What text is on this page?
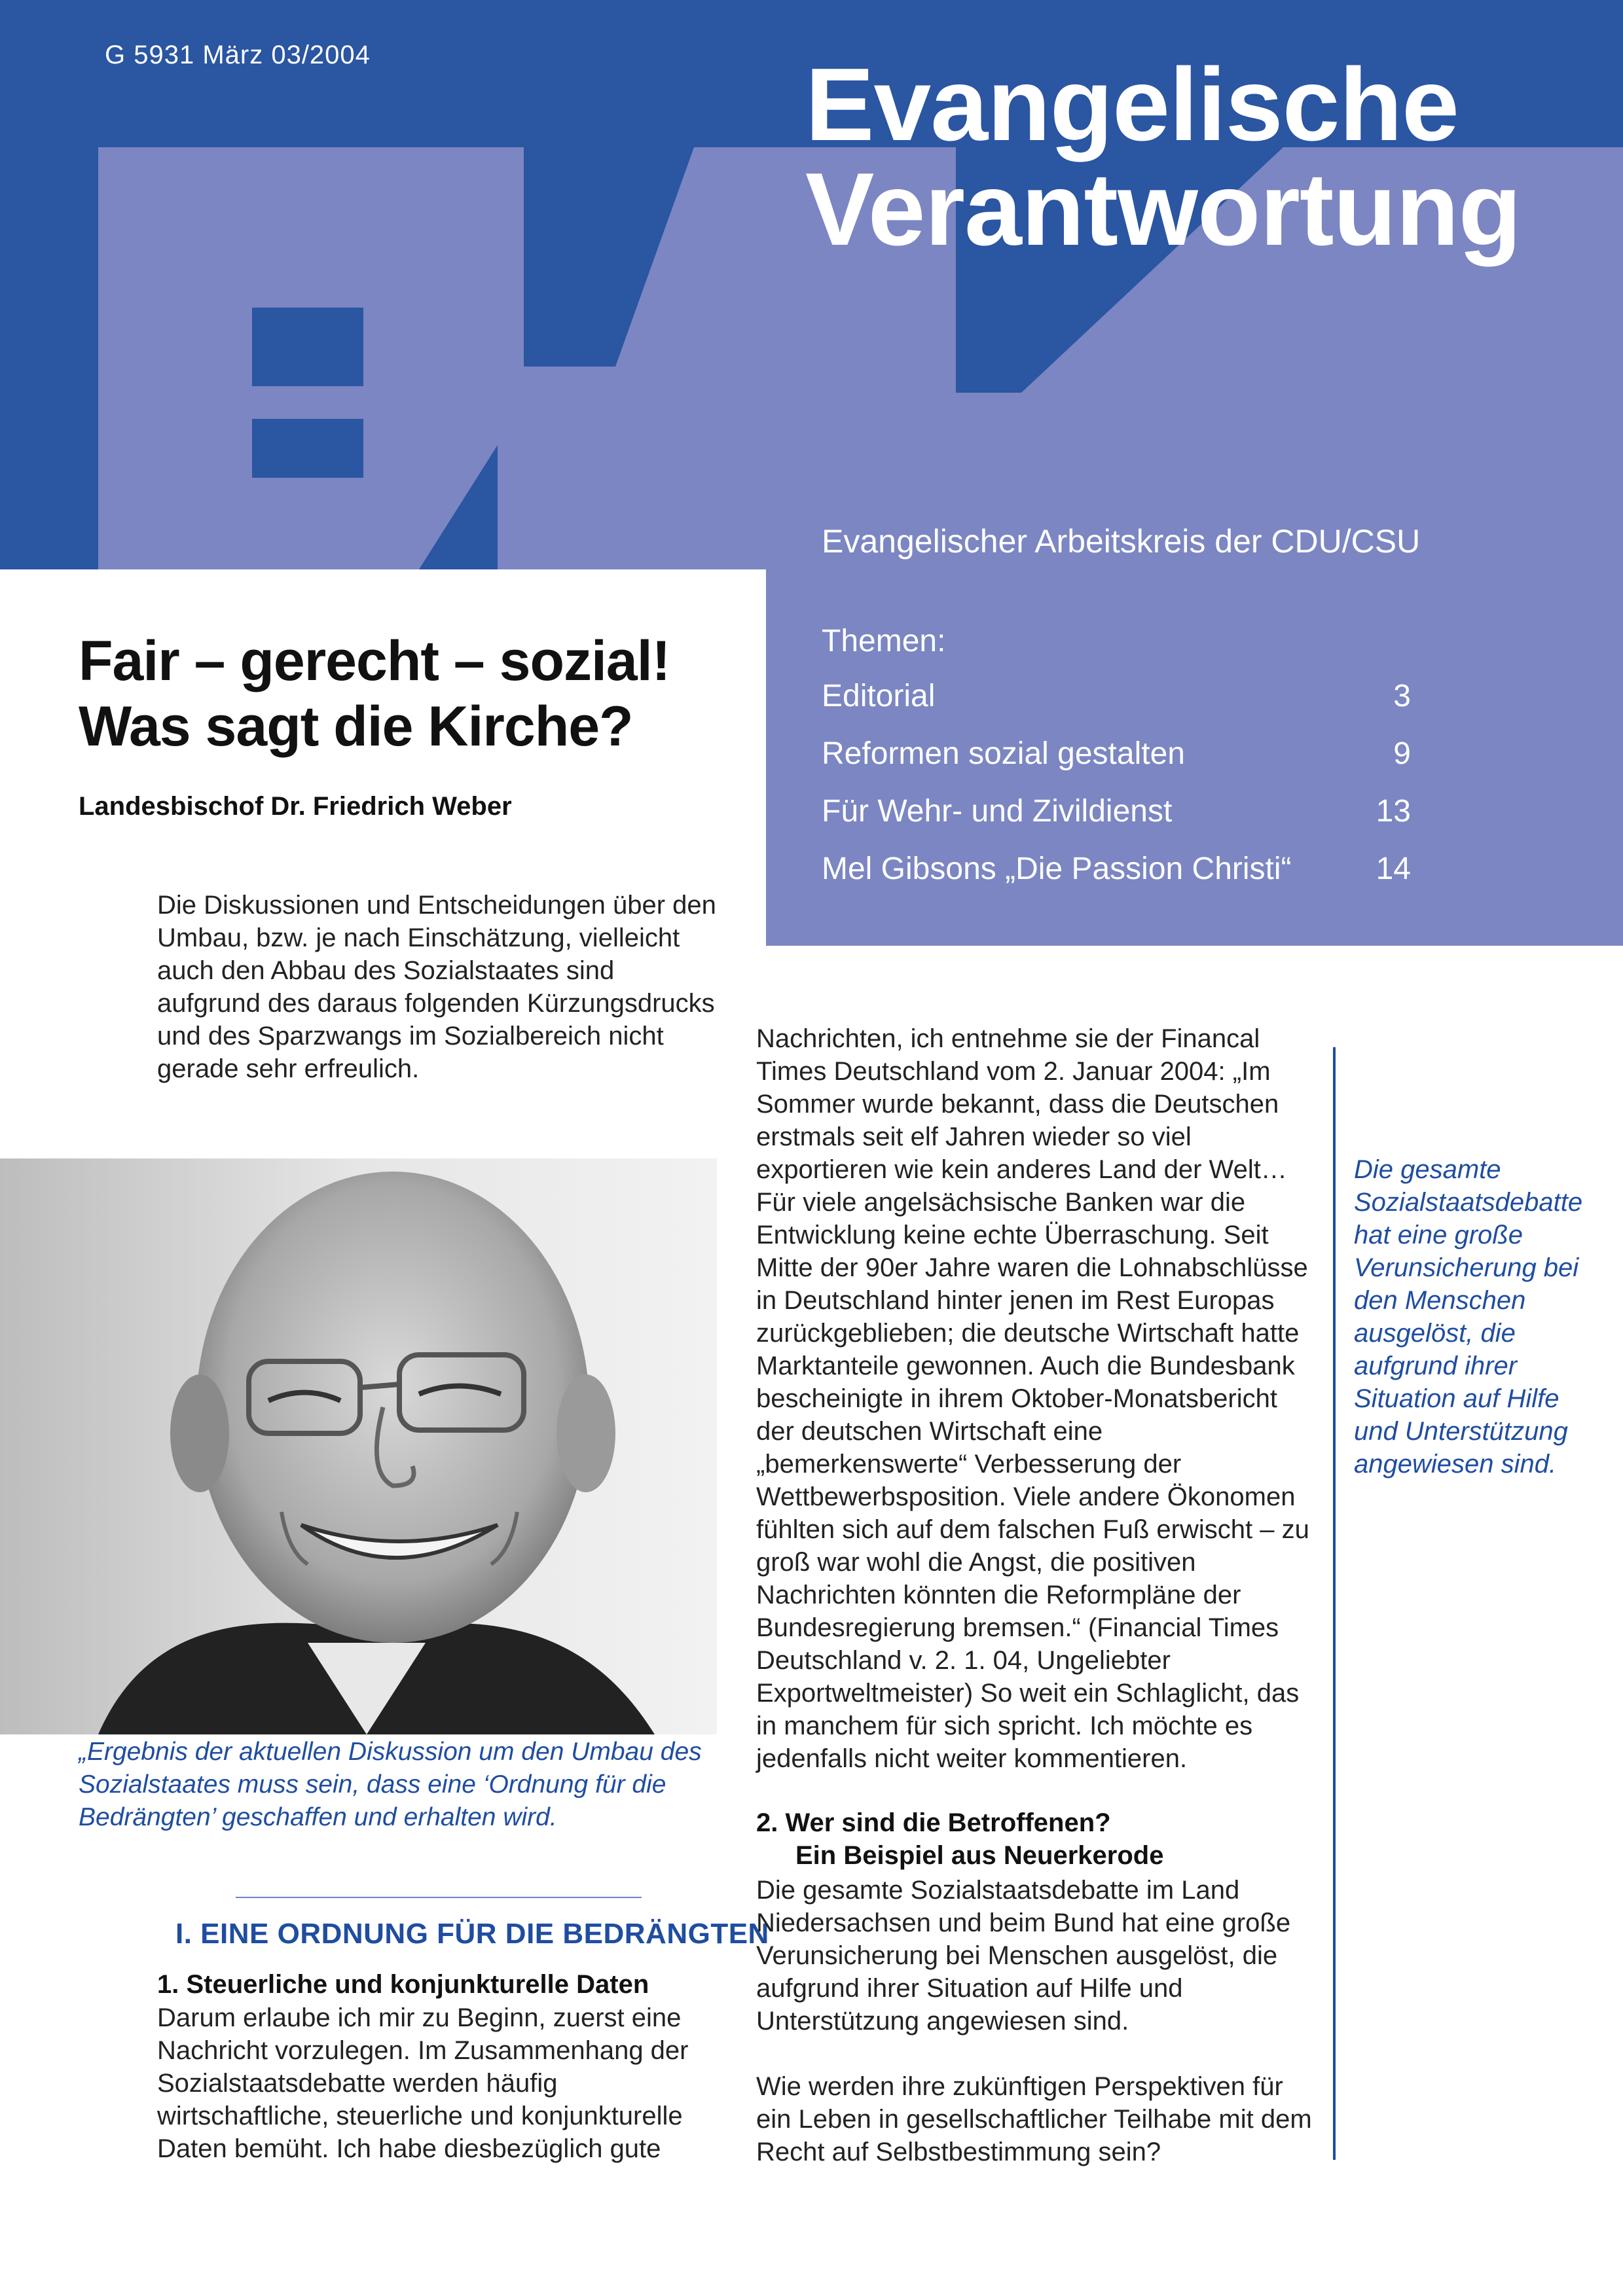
G 5931 März 03/2004	Evangelische
Verantwortung
Evangelischer Arbeitskreis der CDU/CSU
Themen:
Editorial	3
Reformen sozial gestalten	9
Für Wehr- und Zivildienst	13
Mel Gibsons „Die Passion Christi“	14
Fair – gerecht – sozial!
Was sagt die Kirche?
Landesbischof Dr. Friedrich Weber
Die Diskussionen und Entscheidungen über den Umbau, bzw. je nach Einschätzung, vielleicht auch den Abbau des Sozialstaates sind aufgrund des daraus folgenden Kürzungsdrucks und des Sparzwangs im Sozialbereich nicht gerade sehr erfreulich.
„Ergebnis der aktuellen Diskussion um den Umbau des Sozialstaates muss sein, dass eine ‘Ordnung für die Bedrängten’ geschaffen und erhalten wird.
I. EINE ORDNUNG FÜR DIE BEDRÄNGTEN
1. Steuerliche und konjunkturelle Daten
Darum erlaube ich mir zu Beginn, zuerst eine Nachricht vorzulegen. Im Zusammenhang der Sozialstaatsdebatte werden häufig wirtschaftliche, steuerliche und konjunkturelle Daten bemüht. Ich habe diesbezüglich gute
Nachrichten, ich entnehme sie der Financal Times Deutschland vom 2. Januar 2004: „Im Sommer wurde bekannt, dass die Deutschen erstmals seit elf Jahren wieder so viel exportieren wie kein anderes Land der Welt… Für viele angelsächsische Banken war die Entwicklung keine echte Überraschung. Seit Mitte der 90er Jahre waren die Lohnabschlüsse in Deutschland hinter jenen im Rest Europas zurückgeblieben; die deutsche Wirtschaft hatte Marktanteile gewonnen. Auch die Bundesbank bescheinigte in ihrem Oktober-Monatsbericht der deutschen Wirtschaft eine „bemerkenswerte“ Verbesserung der Wettbewerbsposition. Viele andere Ökonomen fühlten sich auf dem falschen Fuß erwischt – zu groß war wohl die Angst, die positiven Nachrichten könnten die Reformpläne der Bundesregierung bremsen.“ (Financial Times Deutschland v. 2. 1. 04, Ungeliebter Exportweltmeister) So weit ein Schlaglicht, das in manchem für sich spricht. Ich möchte es jedenfalls nicht weiter kommentieren.
2. Wer sind die Betroffenen?
Ein Beispiel aus Neuerkerode
Die gesamte Sozialstaatsdebatte im Land Niedersachsen und beim Bund hat eine große Verunsicherung bei Menschen ausgelöst, die aufgrund ihrer Situation auf Hilfe und Unterstützung angewiesen sind.
Wie werden ihre zukünftigen Perspektiven für ein Leben in gesellschaftlicher Teilhabe mit dem Recht auf Selbstbestimmung sein?
Die gesamte Sozialstaatsdebatte hat eine große Verunsicherung bei den Menschen ausgelöst, die aufgrund ihrer Situation auf Hilfe und Unterstützung angewiesen sind.
